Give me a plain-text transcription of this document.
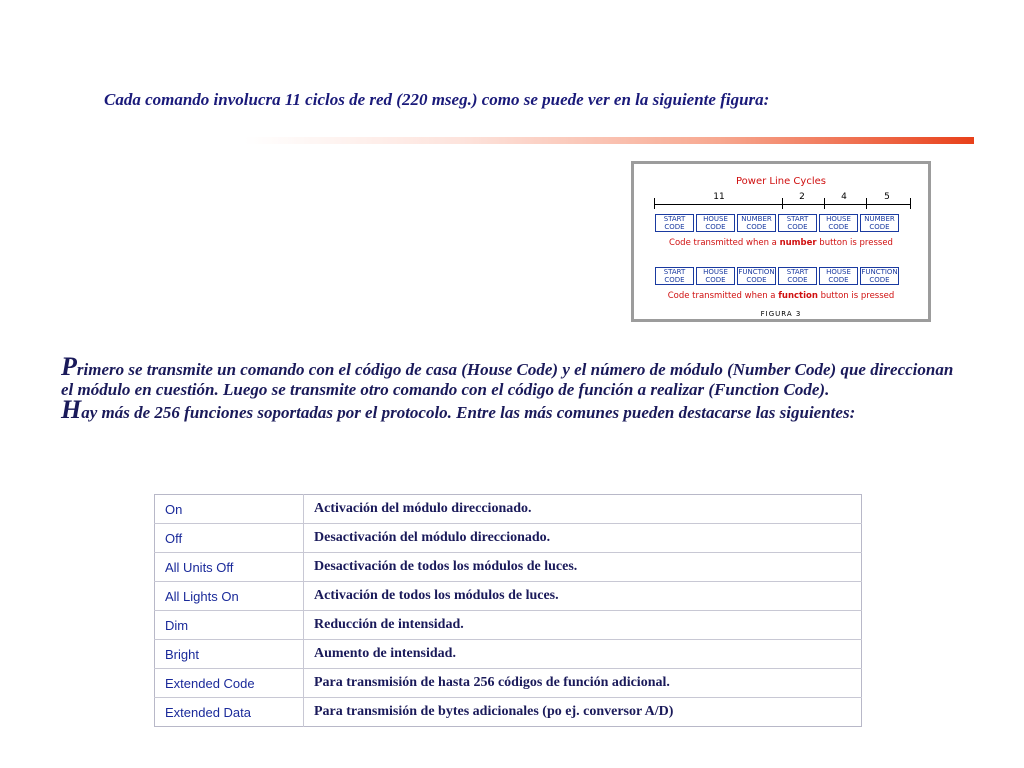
Cada comando involucra 11 ciclos de red (220 mseg.) como se puede ver en la siguiente figura:
Power Line Cycles
11	2	4	5
START CODE
HOUSE CODE
NUMBER CODE
START CODE
HOUSE CODE
NUMBER CODE
Code transmitted when a number button is pressed
START CODE
HOUSE CODE
FUNCTION CODE
START CODE
HOUSE CODE
FUNCTION CODE
Code transmitted when a function button is pressed
FIGURA 3

Primero se transmite un comando con el código de casa (House Code) y el número de módulo (Number Code) que direccionan el módulo en cuestión. Luego se transmite otro comando con el código de función a realizar (Function Code).

Hay más de 256 funciones soportadas por el protocolo. Entre las más comunes pueden destacarse las siguientes:

On	Activación del módulo direccionado.
Off	Desactivación del módulo direccionado.
All Units Off	Desactivación de todos los módulos de luces.
All Lights On	Activación de todos los módulos de luces.
Dim	Reducción de intensidad.
Bright	Aumento de intensidad.
Extended Code	Para transmisión de hasta 256 códigos de función adicional.
Extended Data	Para transmisión de bytes adicionales (po ej. conversor A/D)
